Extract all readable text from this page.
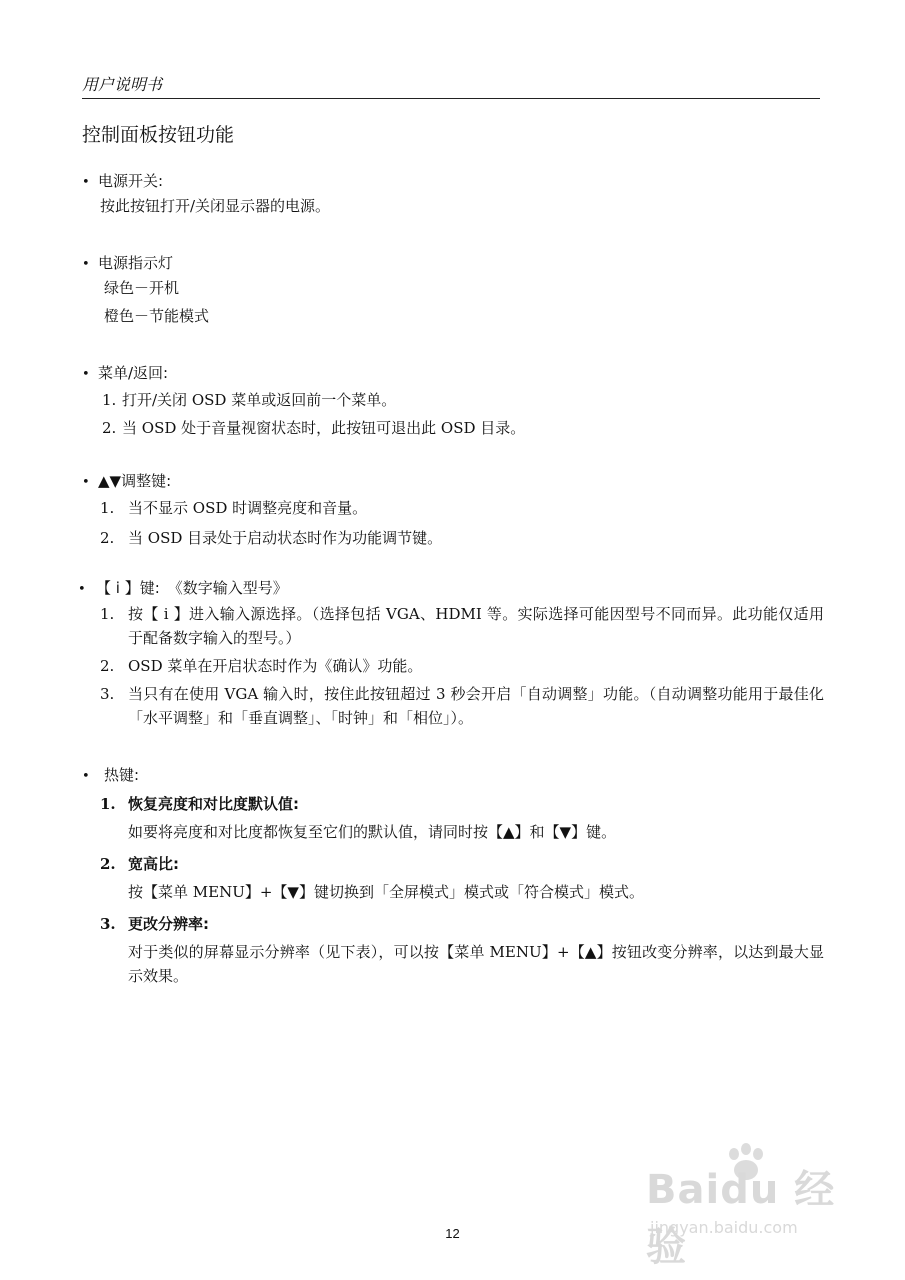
用户说明书
控制面板按钮功能
• 电源开关:
按此按钮打开/关闭显示器的电源。
• 电源指示灯
绿色－开机
橙色－节能模式
• 菜单/返回:
1. 打开/关闭 OSD 菜单或返回前一个菜单。
2. 当 OSD 处于音量视窗状态时，此按钮可退出此 OSD 目录。
• ▲▼调整键:
1. 当不显示 OSD 时调整亮度和音量。
2. 当 OSD 目录处于启动状态时作为功能调节键。
• 【 i 】键: 《数字输入型号》
1. 按【 i 】进入输入源选择。（选择包括 VGA、HDMI 等。实际选择可能因型号不同而异。此功能仅适用于配备数字输入的型号。）
2. OSD 菜单在开启状态时作为《确认》功能。
3. 当只有在使用 VGA 输入时，按住此按钮超过 3 秒会开启「自动调整」功能。（自动调整功能用于最佳化「水平调整」和「垂直调整」、「时钟」和「相位」）。
• 热键:
1. 恢复亮度和对比度默认值:
如要将亮度和对比度都恢复至它们的默认值，请同时按【▲】和【▼】键。
2. 宽高比:
按【菜单 MENU】+【▼】键切换到「全屏模式」模式或「符合模式」模式。
3. 更改分辨率:
对于类似的屏幕显示分辨率（见下表），可以按【菜单 MENU】+【▲】按钮改变分辨率，以达到最大显示效果。
12
Baidu 经验
jingyan.baidu.com
